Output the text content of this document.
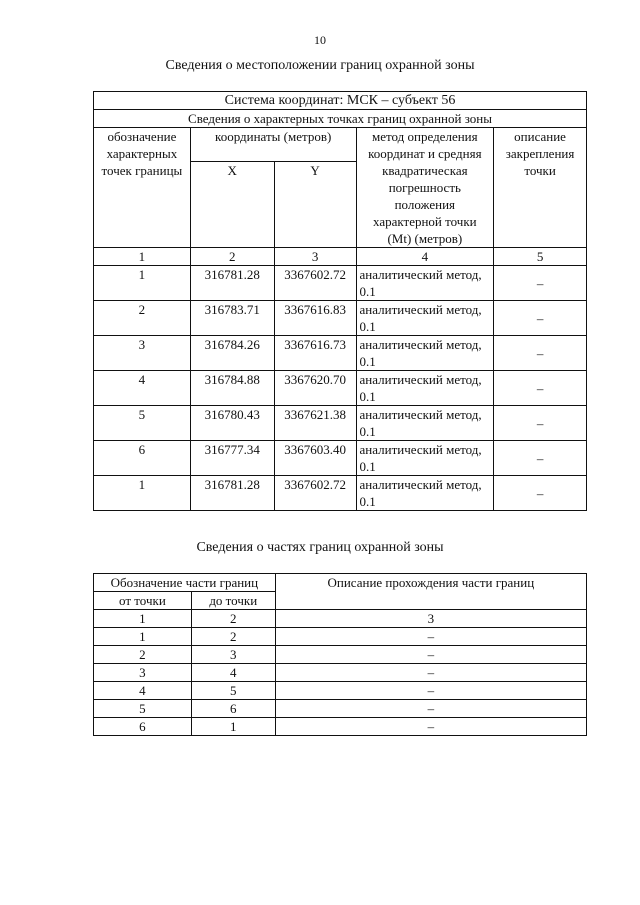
10
Сведения о местоположении границ охранной зоны
Система координат: МСК – субъект 56				
Сведения о характерных точках границ охранной зоны				
обозначение характерных точек границы	координаты (метров)		метод определения координат и средняя квадратическая погрешность положения характерной точки (Mt) (метров)	описание закрепления точки
	X	Y		
1	2	3	4	5
1	316781.28	3367602.72	аналитический метод, 0.1	–
2	316783.71	3367616.83	аналитический метод, 0.1	–
3	316784.26	3367616.73	аналитический метод, 0.1	–
4	316784.88	3367620.70	аналитический метод, 0.1	–
5	316780.43	3367621.38	аналитический метод, 0.1	–
6	316777.34	3367603.40	аналитический метод, 0.1	–
1	316781.28	3367602.72	аналитический метод, 0.1	–
Сведения о частях границ охранной зоны
Обозначение части границ		Описание прохождения части границ
от точки	до точки	
1	2	3
1	2	–
2	3	–
3	4	–
4	5	–
5	6	–
6	1	–
